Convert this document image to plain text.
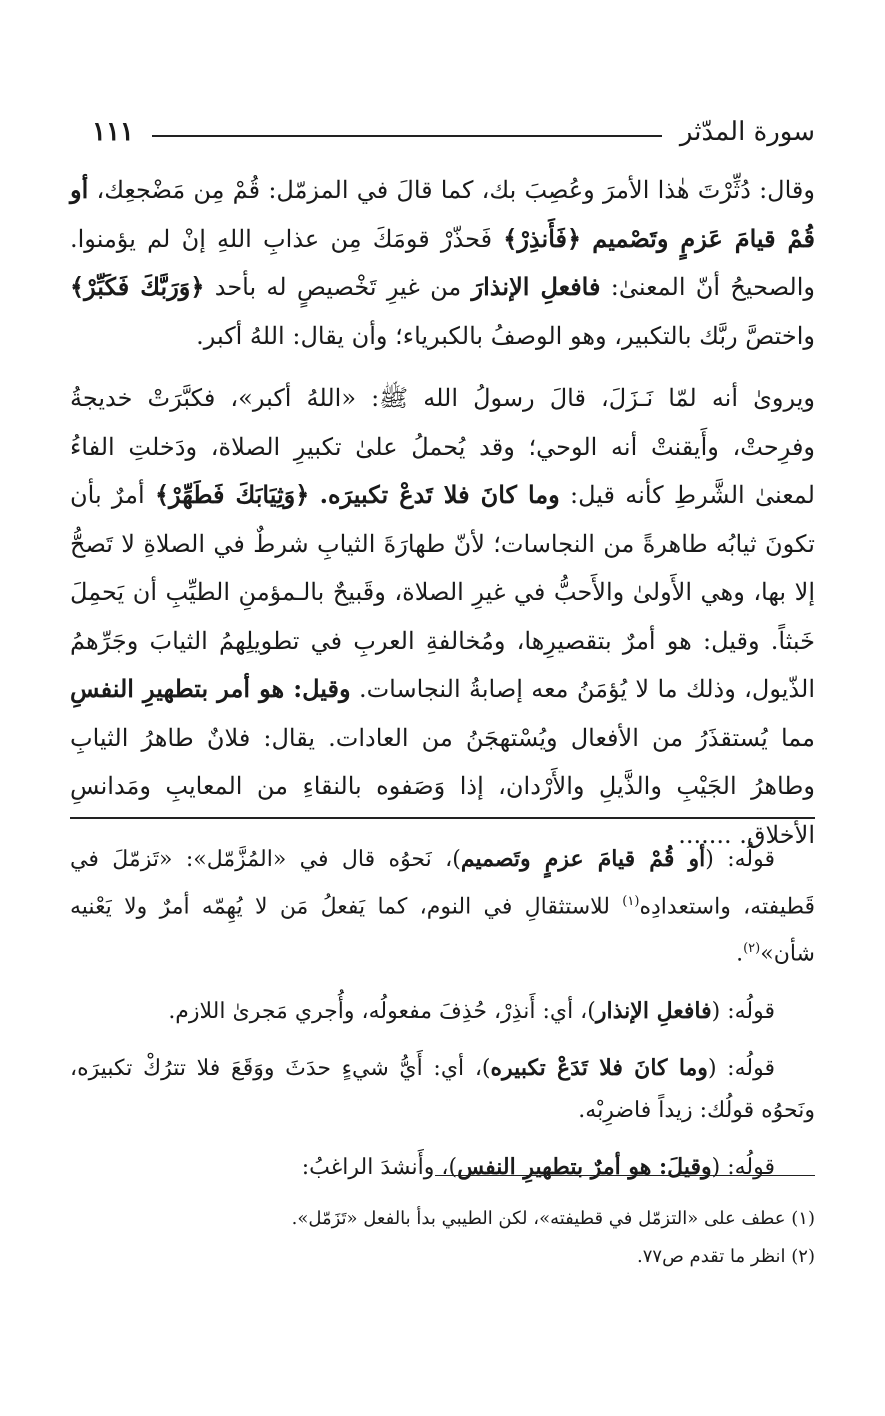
سورة المدّثر
١١١

وقال: دُثِّرْتَ هٰذا الأمرَ وعُصِبَ بك، كما قالَ في المزمّل: قُمْ مِن مَضْجعِك، أو قُمْ قيامَ عَزمٍ وتَصْميم ﴿فَأَنذِرْ﴾ فَحذّرْ قومَكَ مِن عذابِ اللهِ إنْ لم يؤمنوا. والصحيحُ أنّ المعنىٰ: فافعلِ الإنذارَ من غيرِ تَخْصيصٍ له بأحد ﴿وَرَبَّكَ فَكَبِّرْ﴾ واختصَّ ربَّك بالتكبير، وهو الوصفُ بالكبرياء؛ وأن يقال: اللهُ أكبر.

ويروىٰ أنه لمّا نَـزَلَ، قالَ رسولُ الله ﷺ: «اللهُ أكبر»، فكبَّرَتْ خديجةُ وفرِحتْ، وأَيقنتْ أنه الوحي؛ وقد يُحملُ علىٰ تكبيرِ الصلاة، ودَخلتِ الفاءُ لمعنىٰ الشَّرطِ كأنه قيل: وما كانَ فلا تَدعْ تكبيرَه. ﴿وَثِيَابَكَ فَطَهِّرْ﴾ أمرٌ بأن تكونَ ثيابُه طاهرةً من النجاسات؛ لأنّ طهارَةَ الثيابِ شرطٌ في الصلاةِ لا تَصحُّ إلا بها، وهي الأَولىٰ والأَحبُّ في غيرِ الصلاة، وقَبيحٌ بالـمؤمنِ الطيِّبِ أن يَحمِلَ خَبثاً. وقيل: هو أمرٌ بتقصيرِها، ومُخالفةِ العربِ في تطويلِهمُ الثيابَ وجَرِّهمُ الذّيول، وذلك ما لا يُؤمَنُ معه إصابةُ النجاسات. وقيل: هو أمر بتطهيرِ النفسِ مما يُستقذَرُ من الأفعال ويُسْتهجَنُ من العادات. يقال: فلانٌ طاهرُ الثيابِ وطاهرُ الجَيْبِ والذَّيلِ والأَرْدان، إذا وَصَفوه بالنقاءِ من المعايبِ ومَدانسِ الأخلاق. .......

قولُه: (أو قُمْ قيامَ عزمٍ وتَصميم)، نَحوُه قال في «المُزَّمّل»: «تَزمّلَ في قَطيفته، واستعدادِه$^{(١)}$ للاستثقالِ في النوم، كما يَفعلُ مَن لا يُهِمّه أمرٌ ولا يَعْنيه شأن»$^{(٢)}$.

قولُه: (فافعلِ الإنذار)، أي: أَنذِرْ، حُذِفَ مفعولُه، وأُجري مَجرىٰ اللازم.

قولُه: (وما كانَ فلا تَدَعْ تكبيره)، أي: أَيُّ شيءٍ حدَثَ ووَقَعَ فلا تترُكْ تكبيرَه، ونَحوُه قولُك: زيداً فاضرِبْه.

قولُه: (وقيلَ: هو أمرٌ بتطهيرِ النفس)، وأَنشدَ الراغبُ:

(١) عطف على «التزمّل في قطيفته»، لكن الطيبي بدأ بالفعل «تَزَمّل».

(٢) انظر ما تقدم ص٧٧.
